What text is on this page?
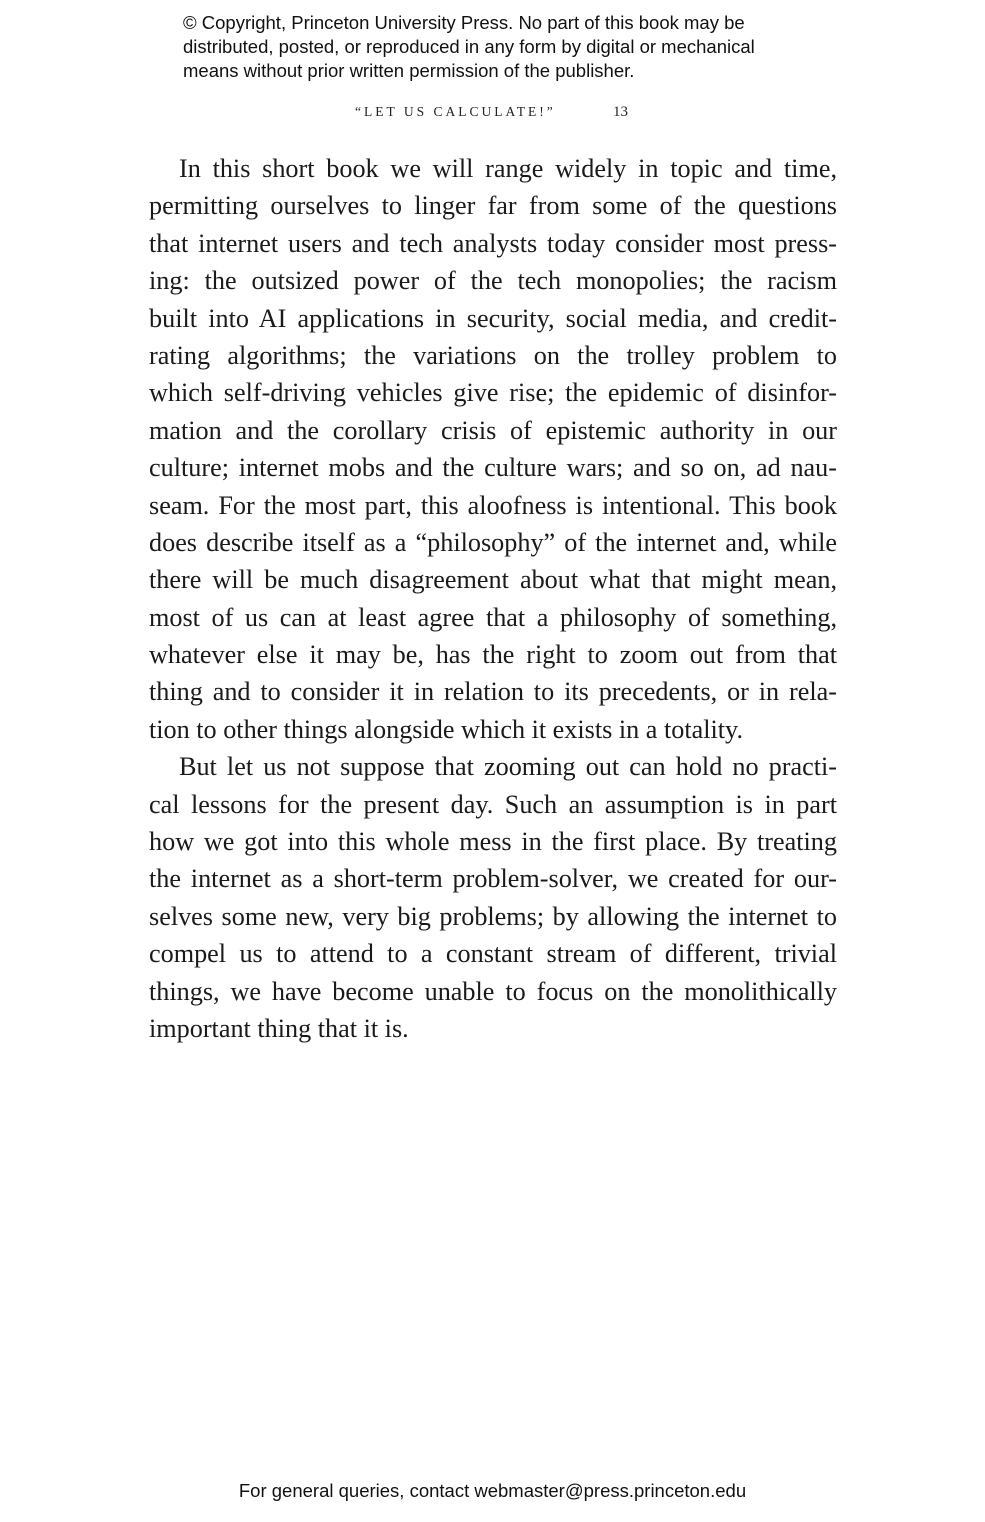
© Copyright, Princeton University Press. No part of this book may be
distributed, posted, or reproduced in any form by digital or mechanical
means without prior written permission of the publisher.
“LET US CALCULATE!”	13
In this short book we will range widely in topic and time,
permitting ourselves to linger far from some of the questions
that internet users and tech analysts today consider most press-
ing: the outsized power of the tech monopolies; the racism
built into AI applications in security, social media, and credit-
rating algorithms; the variations on the trolley problem to
which self-driving vehicles give rise; the epidemic of disinfor-
mation and the corollary crisis of epistemic authority in our
culture; internet mobs and the culture wars; and so on, ad nau-
seam. For the most part, this aloofness is intentional. This book
does describe itself as a “philosophy” of the internet and, while
there will be much disagreement about what that might mean,
most of us can at least agree that a philosophy of something,
whatever else it may be, has the right to zoom out from that
thing and to consider it in relation to its precedents, or in rela-
tion to other things alongside which it exists in a totality.
But let us not suppose that zooming out can hold no practi-
cal lessons for the present day. Such an assumption is in part
how we got into this whole mess in the first place. By treating
the internet as a short-term problem-solver, we created for our-
selves some new, very big problems; by allowing the internet to
compel us to attend to a constant stream of different, trivial
things, we have become unable to focus on the monolithically
important thing that it is.
For general queries, contact webmaster@press.princeton.edu
